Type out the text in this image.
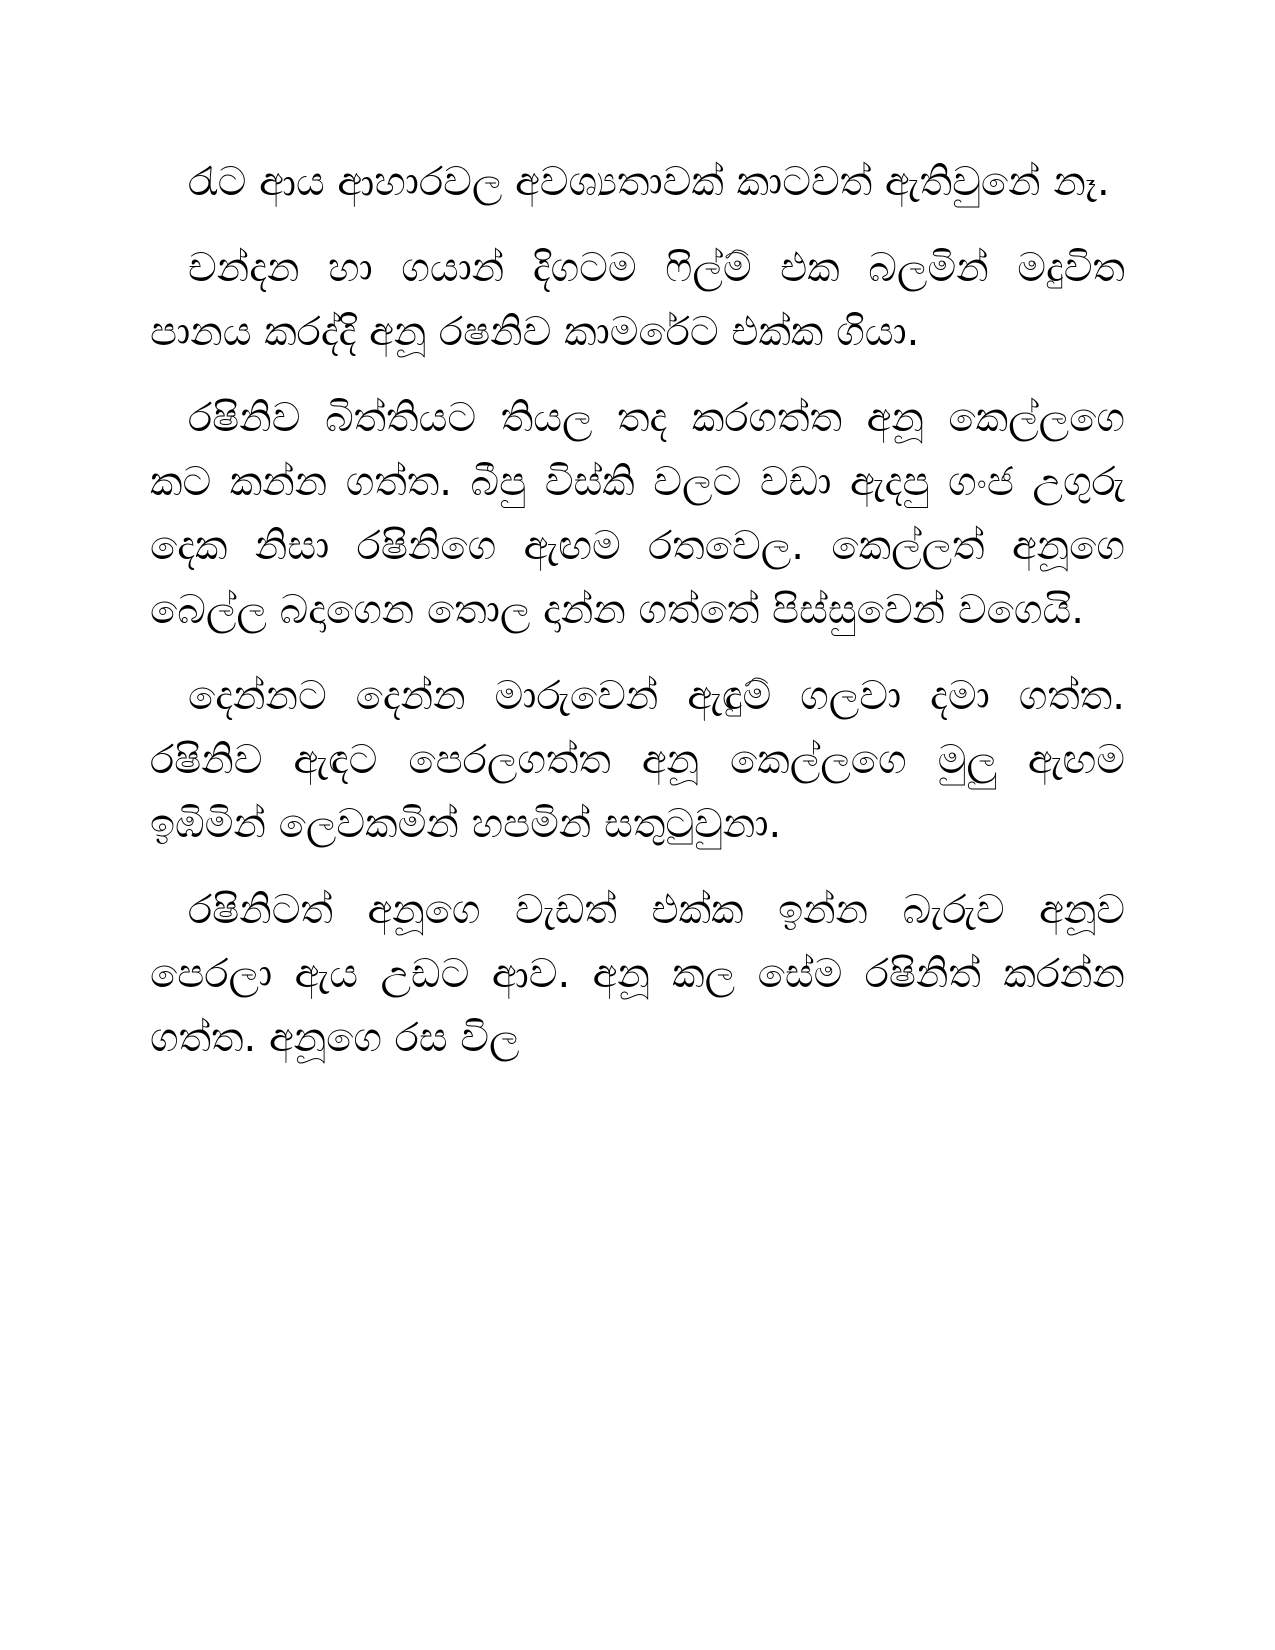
රැට ආය ආහාරවල අවශ්‍යතාවක් කාටවත් ඇතිවුනේ නෑ.

චන්දන හා ගයාන් දිගටම ෆිල්ම් එක බලමින් මදුවිත පානය කරද්දි අනූ රෂනිව කාමරේට එක්ක ගියා.

රෂිනිව බිත්තියට තියල තද කරගත්ත අනූ කෙල්ලගෙ කට කන්න ගත්ත. බීපු විස්කි වලට වඩා ඇදපු ගංජ උගුරු දෙක නිසා රෂිනිගෙ ඇඟම රතවෙල. කෙල්ලත් අනූගෙ බෙල්ල බදාගෙන තොල දාන්න ගත්තේ පිස්සුවෙන් වගෙයි.

දෙන්නට දෙන්න මාරුවෙන් ඇඳුම් ගලවා දමා ගත්ත. රෂිනිව ඇඳට පෙරලගත්ත අනූ කෙල්ලගෙ මුලු ඇඟම ඉඹිමින් ලෙවකමින් හපමින් සතුටුවුනා.

රෂිනිටත් අනූගෙ වැඩත් එක්ක ඉන්න බැරුව අනූව පෙරලා ඇය උඩට ආව. අනූ කල සේම රෂිනිත් කරන්න ගත්ත. අනූගෙ රස විල
